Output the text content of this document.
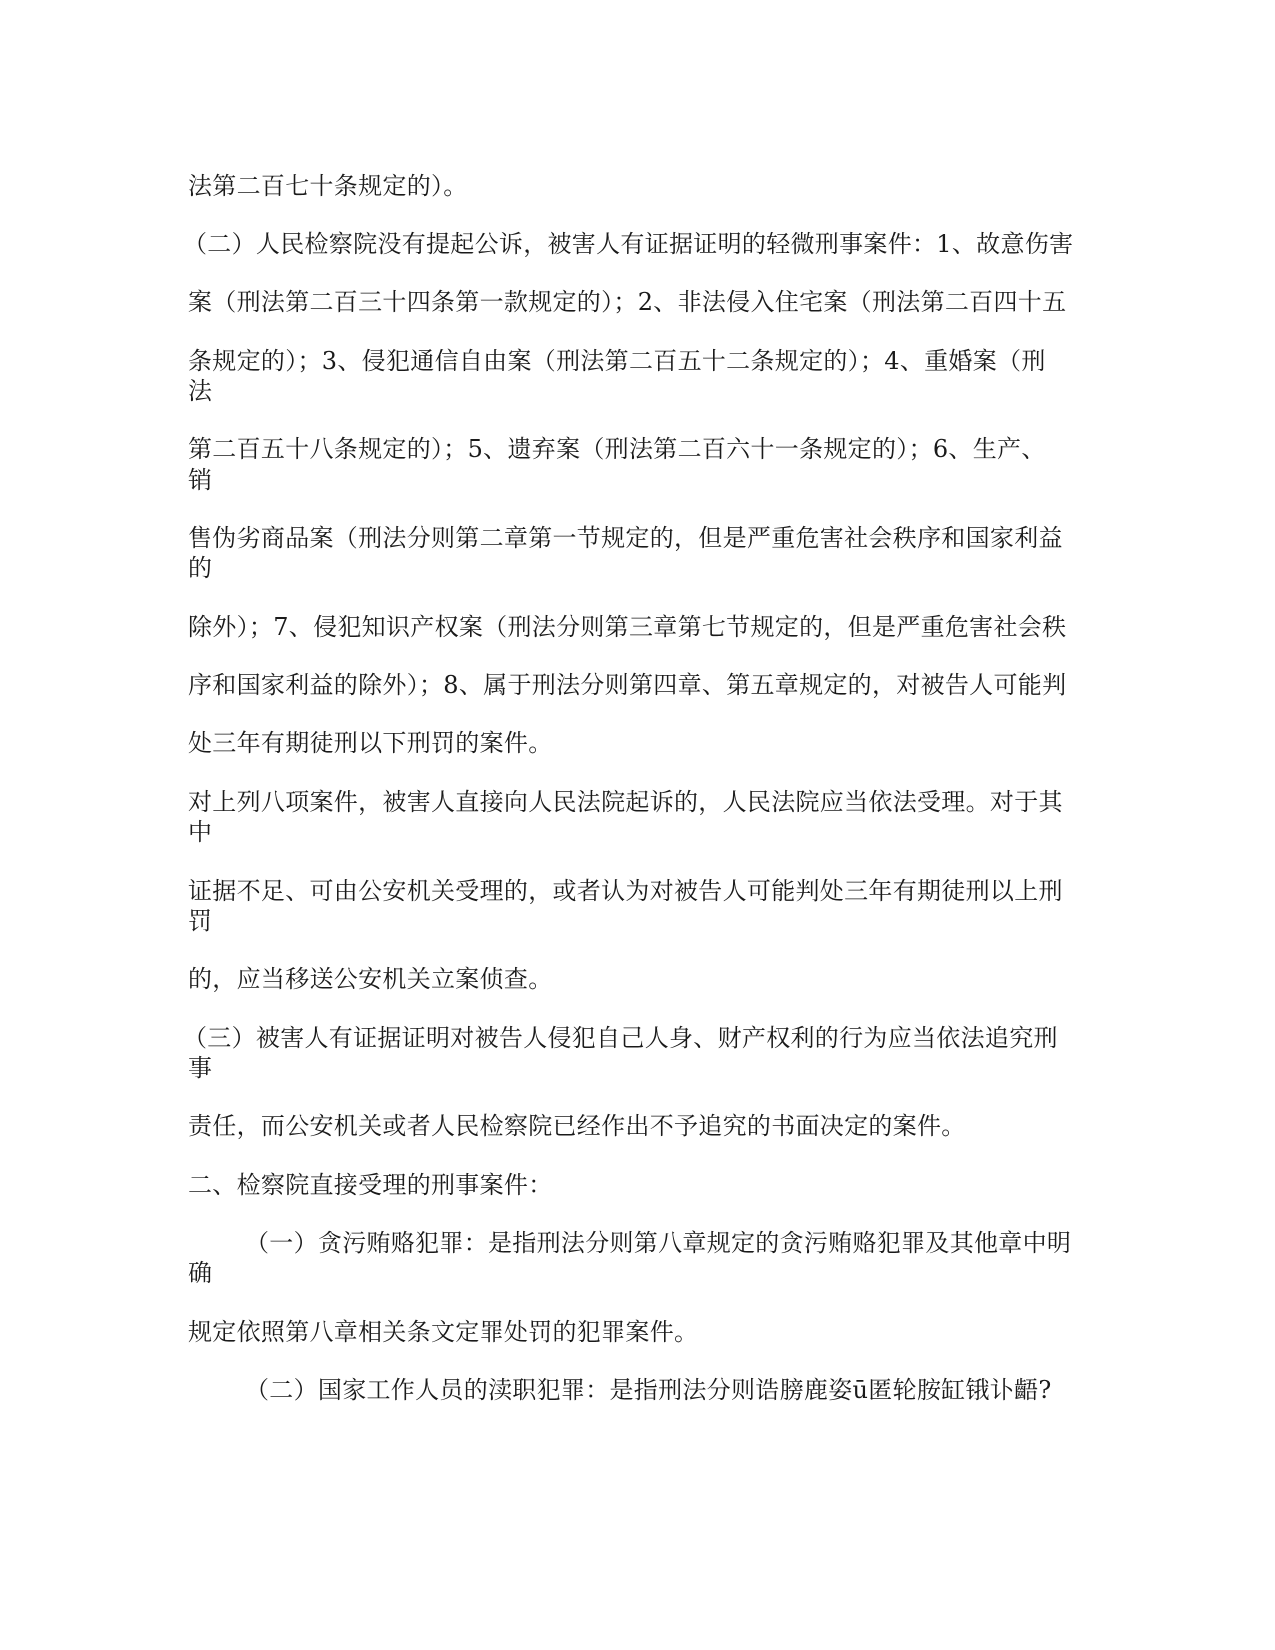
法第二百七十条规定的）。
（二）人民检察院没有提起公诉，被害人有证据证明的轻微刑事案件：1、故意伤害
案（刑法第二百三十四条第一款规定的）；2、非法侵入住宅案（刑法第二百四十五
条规定的）；3、侵犯通信自由案（刑法第二百五十二条规定的）；4、重婚案（刑
法
第二百五十八条规定的）；5、遗弃案（刑法第二百六十一条规定的）；6、生产、
销
售伪劣商品案（刑法分则第二章第一节规定的，但是严重危害社会秩序和国家利益
的
除外）；7、侵犯知识产权案（刑法分则第三章第七节规定的，但是严重危害社会秩
序和国家利益的除外）；8、属于刑法分则第四章、第五章规定的，对被告人可能判
处三年有期徒刑以下刑罚的案件。
对上列八项案件，被害人直接向人民法院起诉的，人民法院应当依法受理。对于其
中
证据不足、可由公安机关受理的，或者认为对被告人可能判处三年有期徒刑以上刑
罚
的，应当移送公安机关立案侦查。
（三）被害人有证据证明对被告人侵犯自己人身、财产权利的行为应当依法追究刑
事
责任，而公安机关或者人民检察院已经作出不予追究的书面决定的案件。
二、检察院直接受理的刑事案件：
（一）贪污贿赂犯罪：是指刑法分则第八章规定的贪污贿赂犯罪及其他章中明
确
规定依照第八章相关条文定罪处罚的犯罪案件。
（二）国家工作人员的渎职犯罪：是指刑法分则诰膀鹿姿ū匿轮胺缸锇讣齬?
